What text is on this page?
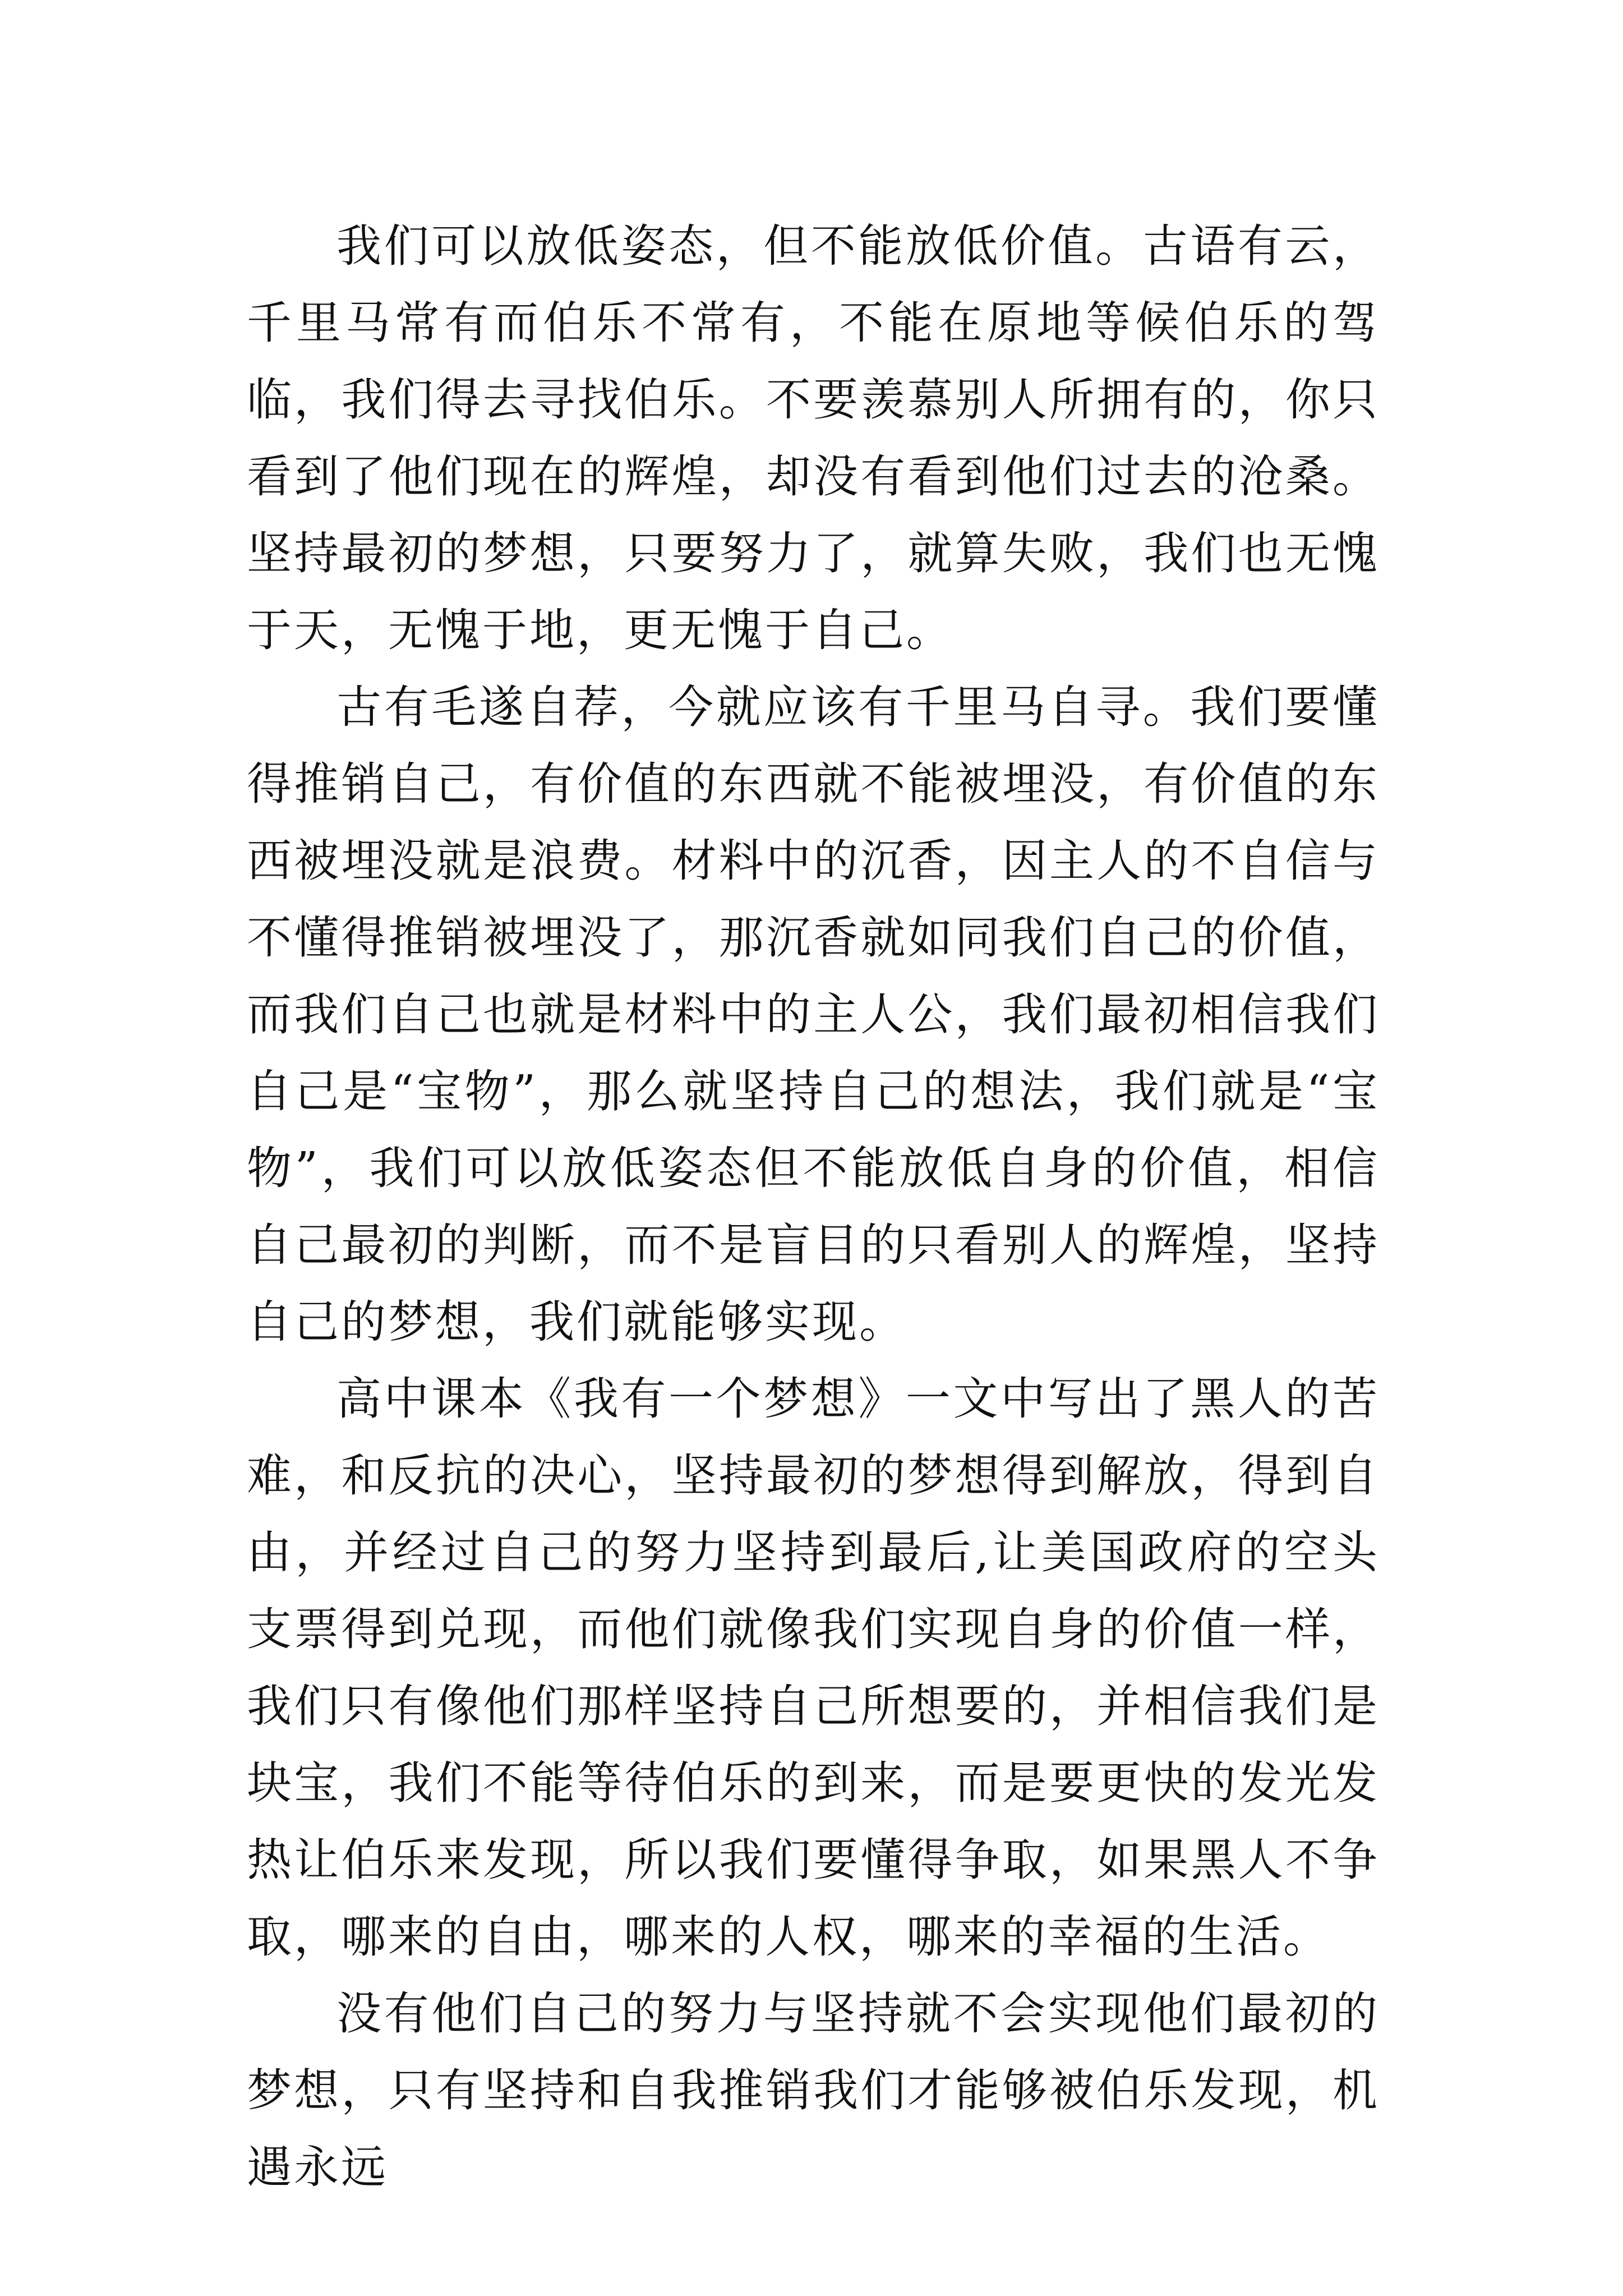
我们可以放低姿态，但不能放低价值。古语有云，千里马常有而伯乐不常有，不能在原地等候伯乐的驾临，我们得去寻找伯乐。不要羡慕别人所拥有的，你只看到了他们现在的辉煌，却没有看到他们过去的沧桑。坚持最初的梦想，只要努力了，就算失败，我们也无愧于天，无愧于地，更无愧于自己。

古有毛遂自荐，今就应该有千里马自寻。我们要懂得推销自己，有价值的东西就不能被埋没，有价值的东西被埋没就是浪费。材料中的沉香，因主人的不自信与不懂得推销被埋没了，那沉香就如同我们自己的价值，而我们自己也就是材料中的主人公，我们最初相信我们自己是“宝物”，那么就坚持自己的想法，我们就是“宝物”，我们可以放低姿态但不能放低自身的价值，相信自己最初的判断，而不是盲目的只看别人的辉煌，坚持自己的梦想，我们就能够实现。

高中课本《我有一个梦想》一文中写出了黑人的苦难，和反抗的决心，坚持最初的梦想得到解放，得到自由，并经过自己的努力坚持到最后,让美国政府的空头支票得到兑现，而他们就像我们实现自身的价值一样，我们只有像他们那样坚持自己所想要的，并相信我们是块宝，我们不能等待伯乐的到来，而是要更快的发光发热让伯乐来发现，所以我们要懂得争取，如果黑人不争取，哪来的自由，哪来的人权，哪来的幸福的生活。

没有他们自己的努力与坚持就不会实现他们最初的梦想，只有坚持和自我推销我们才能够被伯乐发现，机遇永远
